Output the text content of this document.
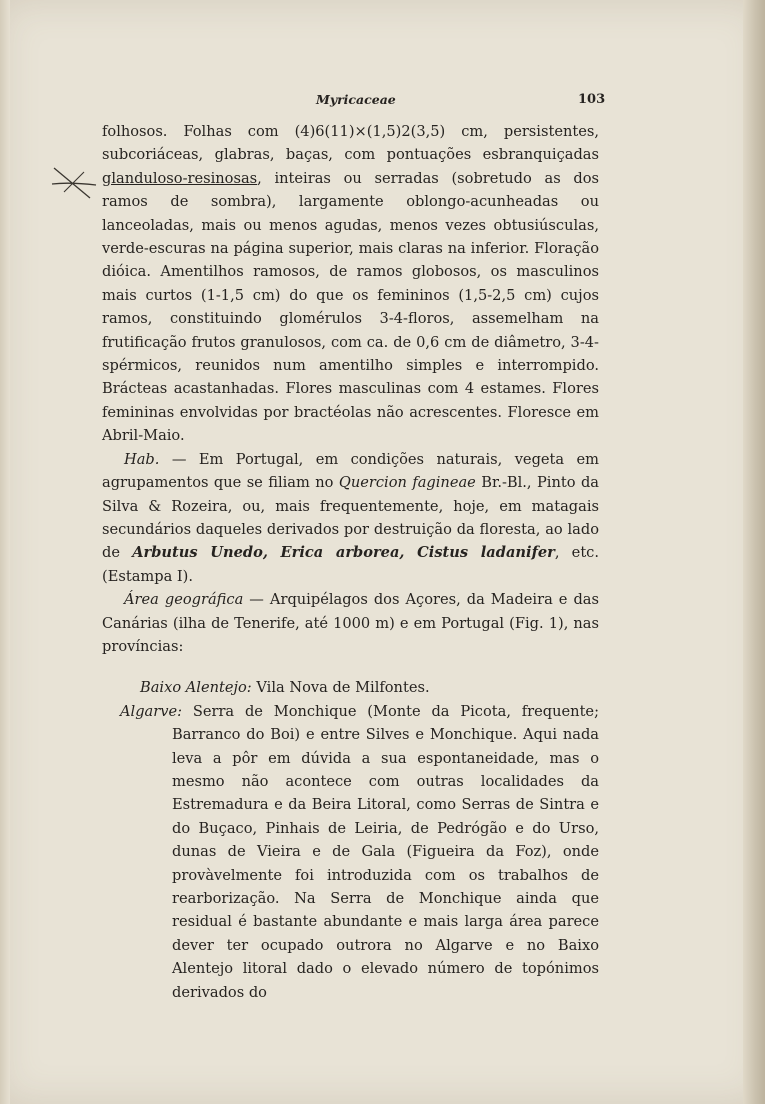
Myricaceae	103

folhosos. Folhas com (4)6(11)×(1,5)2(3,5) cm, persistentes, subcoriáceas, glabras, baças, com pontuações esbranquiçadas glanduloso-resinosas, inteiras ou serradas (sobretudo as dos ramos de sombra), largamente oblongo-acunheadas ou lanceoladas, mais ou menos agudas, menos vezes obtusiúsculas, verde-escuras na página superior, mais claras na inferior. Floração dióica. Amentilhos ramosos, de ramos globosos, os masculinos mais curtos (1-1,5 cm) do que os femininos (1,5-2,5 cm) cujos ramos, constituindo glomérulos 3-4-floros, assemelham na frutificação frutos granulosos, com ca. de 0,6 cm de diâmetro, 3-4-spérmicos, reunidos num amentilho simples e interrompido. Brácteas acastanhadas. Flores masculinas com 4 estames. Flores femininas envolvidas por bractéolas não acrescentes. Floresce em Abril-Maio.

Hab. — Em Portugal, em condições naturais, vegeta em agrupamentos que se filiam no Quercion fagineae Br.-Bl., Pinto da Silva & Rozeira, ou, mais frequentemente, hoje, em matagais secundários daqueles derivados por destruição da floresta, ao lado de Arbutus Unedo, Erica arborea, Cistus ladanifer, etc. (Estampa I).

Área geográfica — Arquipélagos dos Açores, da Madeira e das Canárias (ilha de Tenerife, até 1000 m) e em Portugal (Fig. 1), nas províncias:

Baixo Alentejo: Vila Nova de Milfontes.
Algarve: Serra de Monchique (Monte da Picota, frequente; Barranco do Boi) e entre Silves e Monchique. Aqui nada leva a pôr em dúvida a sua espontaneidade, mas o mesmo não acontece com outras localidades da Estremadura e da Beira Litoral, como Serras de Sintra e do Buçaco, Pinhais de Leiria, de Pedrógão e do Urso, dunas de Vieira e de Gala (Figueira da Foz), onde provàvelmente foi introduzida com os trabalhos de rearborização. Na Serra de Monchique ainda que residual é bastante abundante e mais larga área parece dever ter ocupado outrora no Algarve e no Baixo Alentejo litoral dado o elevado número de topónimos derivados do
